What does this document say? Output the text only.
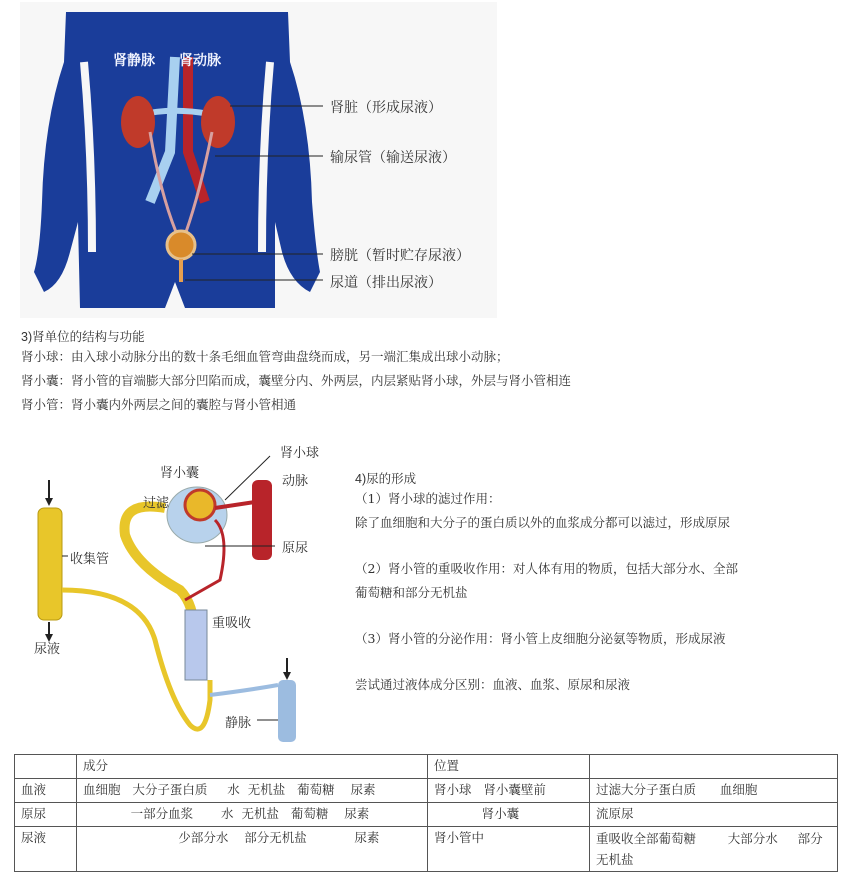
肾静脉 肾动脉
肾脏（形成尿液）
输尿管（输送尿液）
膀胱（暂时贮存尿液）
尿道（排出尿液）
3)肾单位的结构与功能
肾小球：由入球小动脉分出的数十条毛细血管弯曲盘绕而成，另一端汇集成出球小动脉；
肾小囊：肾小管的盲端膨大部分凹陷而成，囊壁分内、外两层，内层紧贴肾小球，外层与肾小管相连
肾小管：肾小囊内外两层之间的囊腔与肾小管相通
肾小球
肾小囊
动脉
过滤
原尿
收集管
尿液
重吸收
静脉
4)尿的形成
（1）肾小球的滤过作用：
除了血细胞和大分子的蛋白质以外的血浆成分都可以滤过，形成原尿
（2）肾小管的重吸收作用：对人体有用的物质，包括大部分水、全部
葡萄糖和部分无机盐
（3）肾小管的分泌作用：肾小管上皮细胞分泌氨等物质，形成尿液
尝试通过液体成分区别：血液、血浆、原尿和尿液
	成分	位置	
血液	血细胞   大分子蛋白质     水  无机盐   葡萄糖    尿素	肾小球   肾小囊壁前	过滤大分子蛋白质      血细胞
原尿	一部分血浆       水  无机盐   葡萄糖    尿素	肾小囊	流原尿
尿液	少部分水    部分无机盐            尿素	肾小管中	重吸收全部葡萄糖        大部分水     部分无机盐
